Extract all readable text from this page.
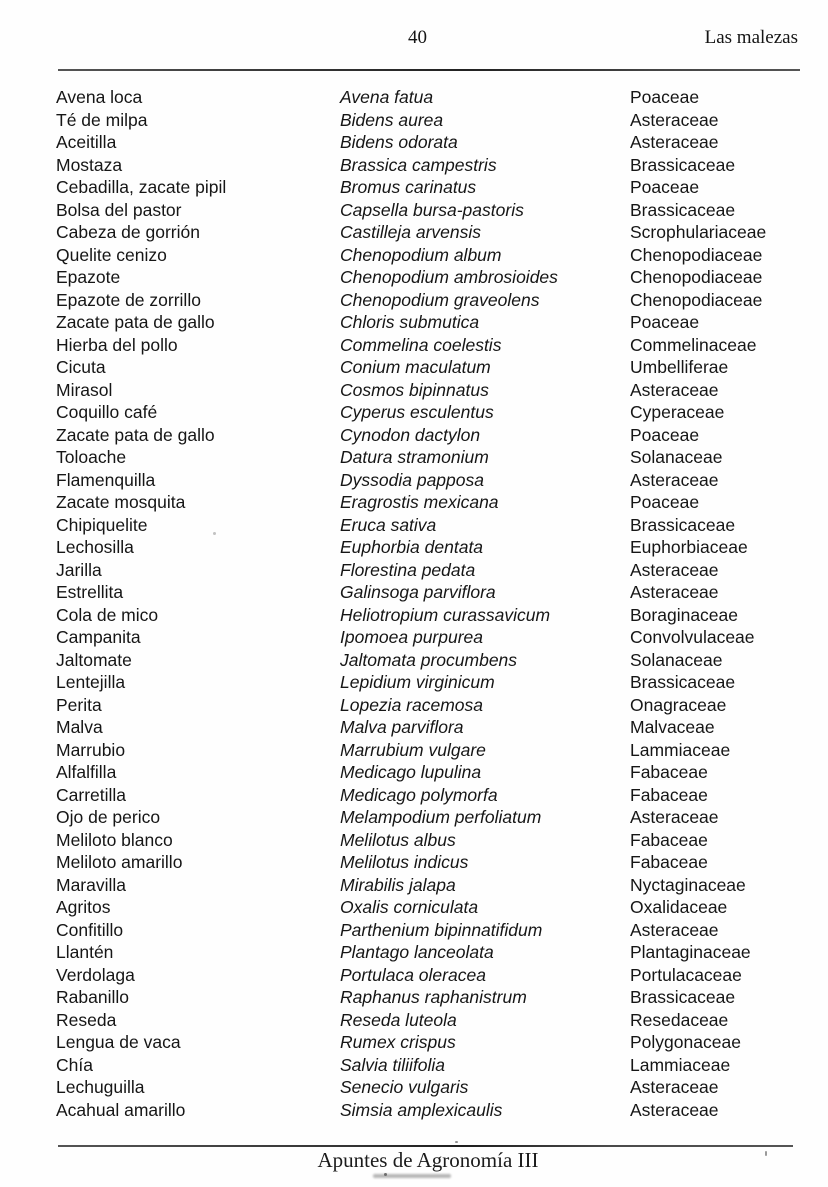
40	Las malezas
Avena loca	Avena fatua	Poaceae
Té de milpa	Bidens aurea	Asteraceae
Aceitilla	Bidens odorata	Asteraceae
Mostaza	Brassica campestris	Brassicaceae
Cebadilla, zacate pipil	Bromus carinatus	Poaceae
Bolsa del pastor	Capsella bursa-pastoris	Brassicaceae
Cabeza de gorrión	Castilleja arvensis	Scrophulariaceae
Quelite cenizo	Chenopodium album	Chenopodiaceae
Epazote	Chenopodium ambrosioides	Chenopodiaceae
Epazote de zorrillo	Chenopodium graveolens	Chenopodiaceae
Zacate pata de gallo	Chloris submutica	Poaceae
Hierba del pollo	Commelina coelestis	Commelinaceae
Cicuta	Conium maculatum	Umbelliferae
Mirasol	Cosmos bipinnatus	Asteraceae
Coquillo café	Cyperus esculentus	Cyperaceae
Zacate pata de gallo	Cynodon dactylon	Poaceae
Toloache	Datura stramonium	Solanaceae
Flamenquilla	Dyssodia papposa	Asteraceae
Zacate mosquita	Eragrostis mexicana	Poaceae
Chipiquelite	Eruca sativa	Brassicaceae
Lechosilla	Euphorbia dentata	Euphorbiaceae
Jarilla	Florestina pedata	Asteraceae
Estrellita	Galinsoga parviflora	Asteraceae
Cola de mico	Heliotropium curassavicum	Boraginaceae
Campanita	Ipomoea purpurea	Convolvulaceae
Jaltomate	Jaltomata procumbens	Solanaceae
Lentejilla	Lepidium virginicum	Brassicaceae
Perita	Lopezia racemosa	Onagraceae
Malva	Malva parviflora	Malvaceae
Marrubio	Marrubium vulgare	Lammiaceae
Alfalfilla	Medicago lupulina	Fabaceae
Carretilla	Medicago polymorfa	Fabaceae
Ojo de perico	Melampodium perfoliatum	Asteraceae
Meliloto blanco	Melilotus albus	Fabaceae
Meliloto amarillo	Melilotus indicus	Fabaceae
Maravilla	Mirabilis jalapa	Nyctaginaceae
Agritos	Oxalis corniculata	Oxalidaceae
Confitillo	Parthenium bipinnatifidum	Asteraceae
Llantén	Plantago lanceolata	Plantaginaceae
Verdolaga	Portulaca oleracea	Portulacaceae
Rabanillo	Raphanus raphanistrum	Brassicaceae
Reseda	Reseda luteola	Resedaceae
Lengua de vaca	Rumex crispus	Polygonaceae
Chía	Salvia tiliifolia	Lammiaceae
Lechuguilla	Senecio vulgaris	Asteraceae
Acahual amarillo	Simsia amplexicaulis	Asteraceae
Apuntes de Agronomía III
